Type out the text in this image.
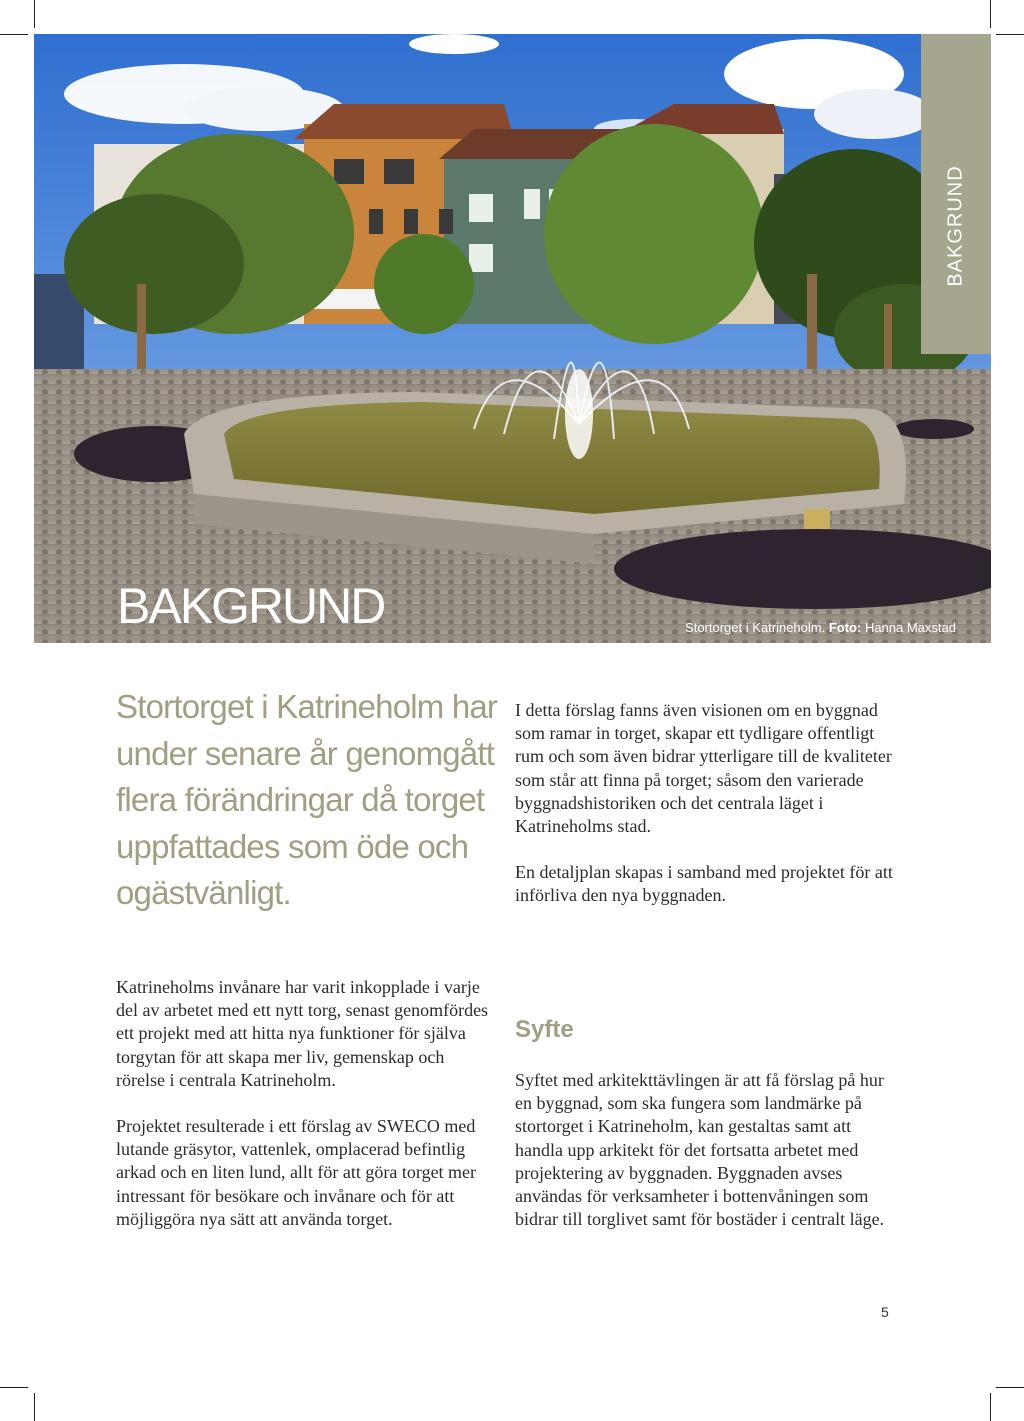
BAKGRUND
BAKGRUND	Stortorget i Katrineholm. Foto: Hanna Maxstad
Stortorget i Katrineholm har under senare år genomgått flera förändringar då torget uppfattades som öde och ogästvänligt.

Katrineholms invånare har varit inkopplade i varje del av arbetet med ett nytt torg, senast genomfördes ett projekt med att hitta nya funktioner för själva torgytan för att skapa mer liv, gemenskap och rörelse i centrala Katrineholm.

Projektet resulterade i ett förslag av SWECO med lutande gräsytor, vattenlek, omplacerad befintlig arkad och en liten lund, allt för att göra torget mer intressant för besökare och invånare och för att möjliggöra nya sätt att använda torget.

I detta förslag fanns även visionen om en byggnad som ramar in torget, skapar ett tydligare offentligt rum och som även bidrar ytterligare till de kvaliteter som står att finna på torget; såsom den varierade byggnadshistoriken och det centrala läget i Katrineholms stad.

En detaljplan skapas i samband med projektet för att införliva den nya byggnaden.

Syfte

Syftet med arkitekttävlingen är att få förslag på hur en byggnad, som ska fungera som landmärke på stortorget i Katrineholm, kan gestaltas samt att handla upp arkitekt för det fortsatta arbetet med projektering av byggnaden. Byggnaden avses användas för verksamheter i bottenvåningen som bidrar till torglivet samt för bostäder i centralt läge.

5
